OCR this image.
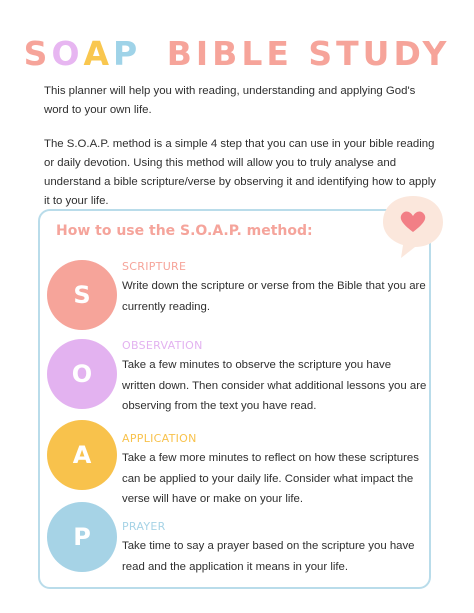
SOAP BIBLE STUDY

This planner will help you with reading, understanding and applying God's word to your own life.

The S.O.A.P. method is a simple 4 step that you can use in your bible reading or daily devotion. Using this method will allow you to truly analyse and understand a bible scripture/verse by observing it and identifying how to apply it to your life.

How to use the S.O.A.P. method:
S
SCRIPTURE

Write down the scripture or verse from the Bible that you are currently reading.

O
OBSERVATION

Take a few minutes to observe the scripture you have written down. Then consider what additional lessons you are observing from the text you have read.

A
APPLICATION

Take a few more minutes to reflect on how these scriptures can be applied to your daily life. Consider what impact the verse will have or make on your life.

P	PRAYER

Take time to say a prayer based on the scripture you have read and the application it means in your life.
